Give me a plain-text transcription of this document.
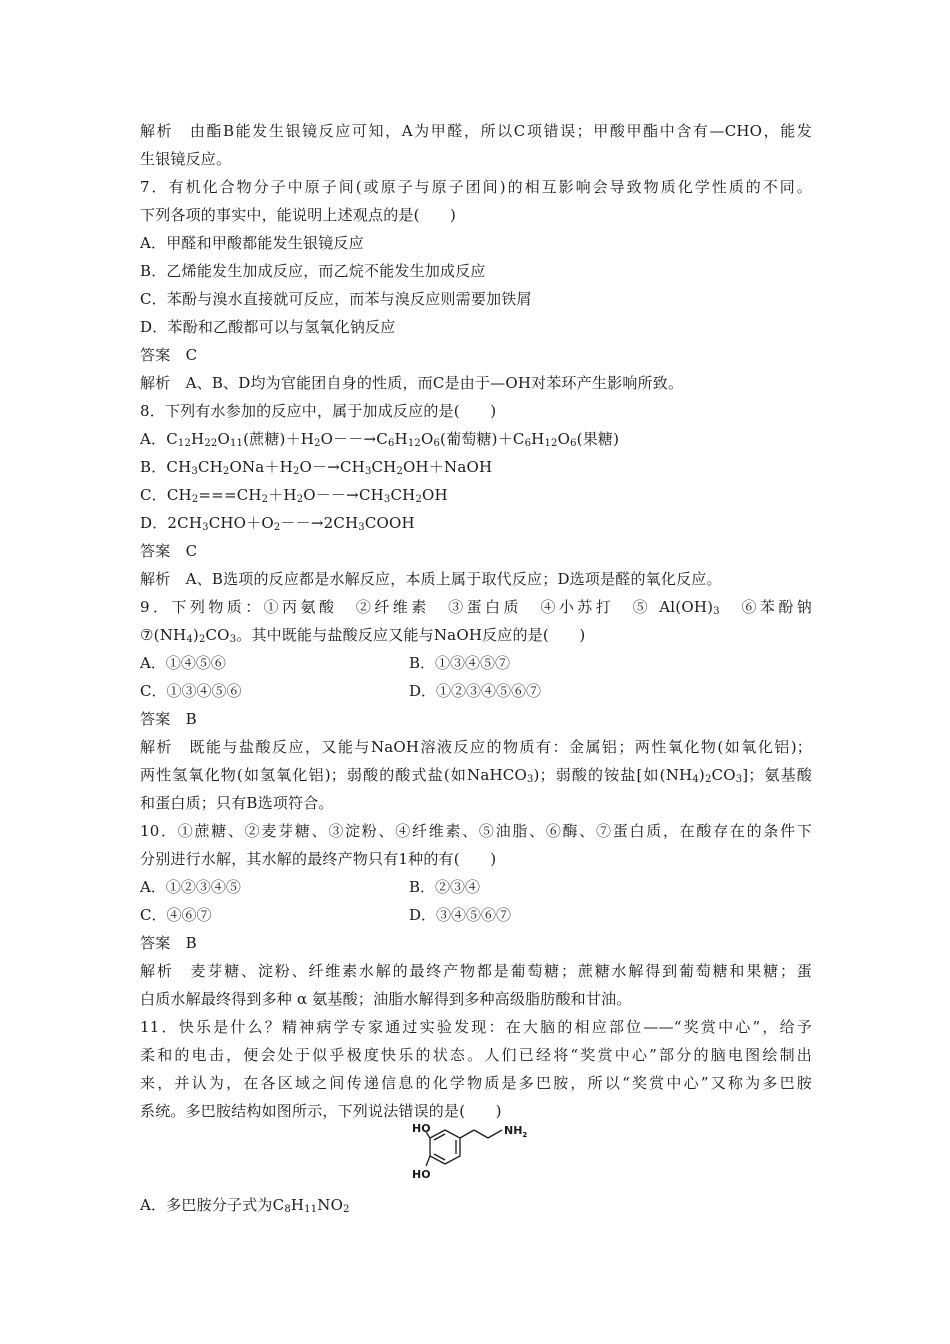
解析　由酯B能发生银镜反应可知，A为甲醛，所以C项错误；甲酸甲酯中含有—CHO，能发
生银镜反应。
7．有机化合物分子中原子间(或原子与原子团间)的相互影响会导致物质化学性质的不同。
下列各项的事实中，能说明上述观点的是(　　)
A．甲醛和甲酸都能发生银镜反应
B．乙烯能发生加成反应，而乙烷不能发生加成反应
C．苯酚与溴水直接就可反应，而苯与溴反应则需要加铁屑
D．苯酚和乙酸都可以与氢氧化钠反应
答案　C
解析　A、B、D均为官能团自身的性质，而C是由于—OH对苯环产生影响所致。
8．下列有水参加的反应中，属于加成反应的是(　　)
A．$C_{12}H_{22}O_{11}$(蔗糖)$+H_2O--\to C_6H_{12}O_6$(葡萄糖)$+C_6H_{12}O_6$(果糖)
B．$CH_3CH_2ONa+H_2O-\to CH_3CH_2OH+NaOH$
C．$CH_2===CH_2+H_2O--\to CH_3CH_2OH$
D．$2CH_3CHO+O_2--\to 2CH_3COOH$
答案　C
解析　A、B选项的反应都是水解反应，本质上属于取代反应；D选项是醛的氧化反应。
9．下列物质：①丙氨酸　②纤维素　③蛋白质　④小苏打　⑤ $Al(OH)_3$　⑥苯酚钠
$⑦(NH_4)_2CO_3$。其中既能与盐酸反应又能与NaOH反应的是(　　)
A．①④⑤⑥	B．①③④⑤⑦
C．①③④⑤⑥	D．①②③④⑤⑥⑦
答案　B
解析　既能与盐酸反应，又能与NaOH溶液反应的物质有：金属铝；两性氧化物(如氧化铝)；
两性氢氧化物(如氢氧化铝)；弱酸的酸式盐(如NaHCO$_3$)；弱酸的铵盐[如$(NH_4)_2CO_3$]；氨基酸
和蛋白质；只有B选项符合。
10．①蔗糖、②麦芽糖、③淀粉、④纤维素、⑤油脂、⑥酶、⑦蛋白质，在酸存在的条件下
分别进行水解，其水解的最终产物只有1种的有(　　)
A．①②③④⑤	B．②③④
C．④⑥⑦	D．③④⑤⑥⑦
答案　B
解析　麦芽糖、淀粉、纤维素水解的最终产物都是葡萄糖；蔗糖水解得到葡萄糖和果糖；蛋
白质水解最终得到多种 α 氨基酸；油脂水解得到多种高级脂肪酸和甘油。
11．快乐是什么？精神病学专家通过实验发现：在大脑的相应部位——“奖赏中心”，给予
柔和的电击，便会处于似乎极度快乐的状态。人们已经将“奖赏中心”部分的脑电图绘制出
来，并认为，在各区域之间传递信息的化学物质是多巴胺，所以“奖赏中心”又称为多巴胺
系统。多巴胺结构如图所示，下列说法错误的是(　　)
HO
HO
$NH_2$
A．多巴胺分子式为$C_8H_{11}NO_2$
